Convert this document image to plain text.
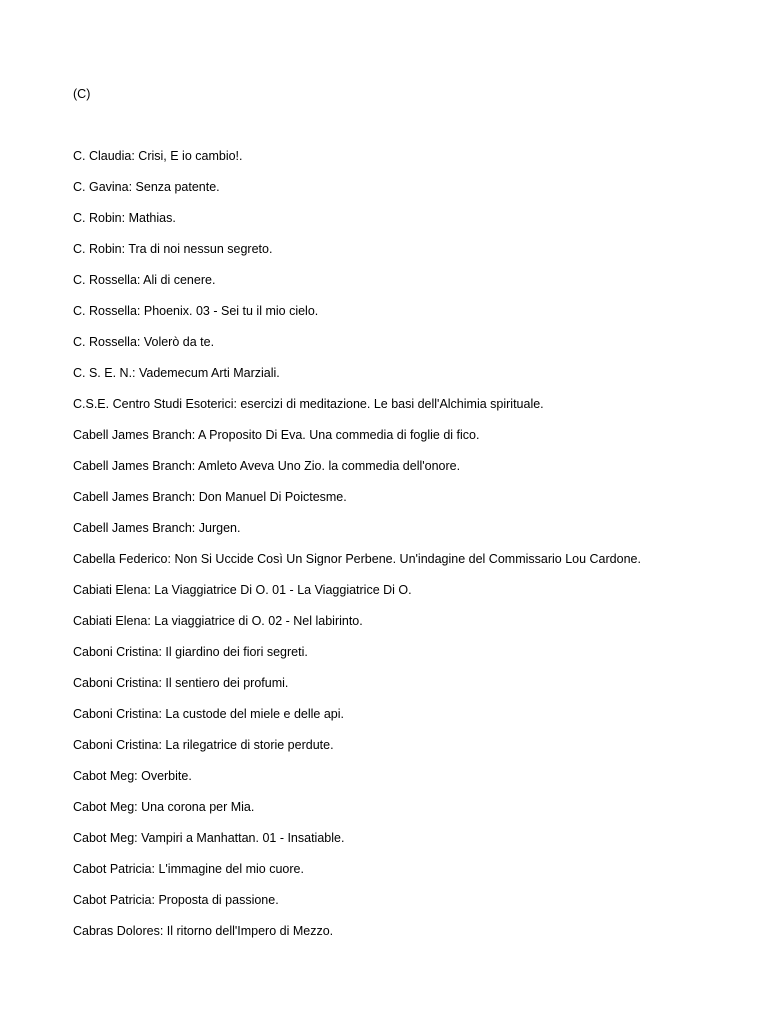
(C)
C. Claudia: Crisi, E io cambio!.
C. Gavina: Senza patente.
C. Robin: Mathias.
C. Robin: Tra di noi nessun segreto.
C. Rossella: Ali di cenere.
C. Rossella: Phoenix. 03 - Sei tu il mio cielo.
C. Rossella: Volerò da te.
C. S. E. N.: Vademecum Arti Marziali.
C.S.E. Centro Studi Esoterici: esercizi di meditazione. Le basi dell'Alchimia spirituale.
Cabell James Branch: A Proposito Di Eva. Una commedia di foglie di fico.
Cabell James Branch: Amleto Aveva Uno Zio. la commedia dell'onore.
Cabell James Branch: Don Manuel Di Poictesme.
Cabell James Branch: Jurgen.
Cabella Federico: Non Si Uccide Così Un Signor Perbene. Un'indagine del Commissario Lou Cardone.
Cabiati Elena: La Viaggiatrice Di O. 01 - La Viaggiatrice Di O.
Cabiati Elena: La viaggiatrice di O. 02 - Nel labirinto.
Caboni Cristina: Il giardino dei fiori segreti.
Caboni Cristina: Il sentiero dei profumi.
Caboni Cristina: La custode del miele e delle api.
Caboni Cristina: La rilegatrice di storie perdute.
Cabot Meg: Overbite.
Cabot Meg: Una corona per Mia.
Cabot Meg: Vampiri a Manhattan. 01 - Insatiable.
Cabot Patricia: L'immagine del mio cuore.
Cabot Patricia: Proposta di passione.
Cabras Dolores: Il ritorno dell'Impero di Mezzo.
